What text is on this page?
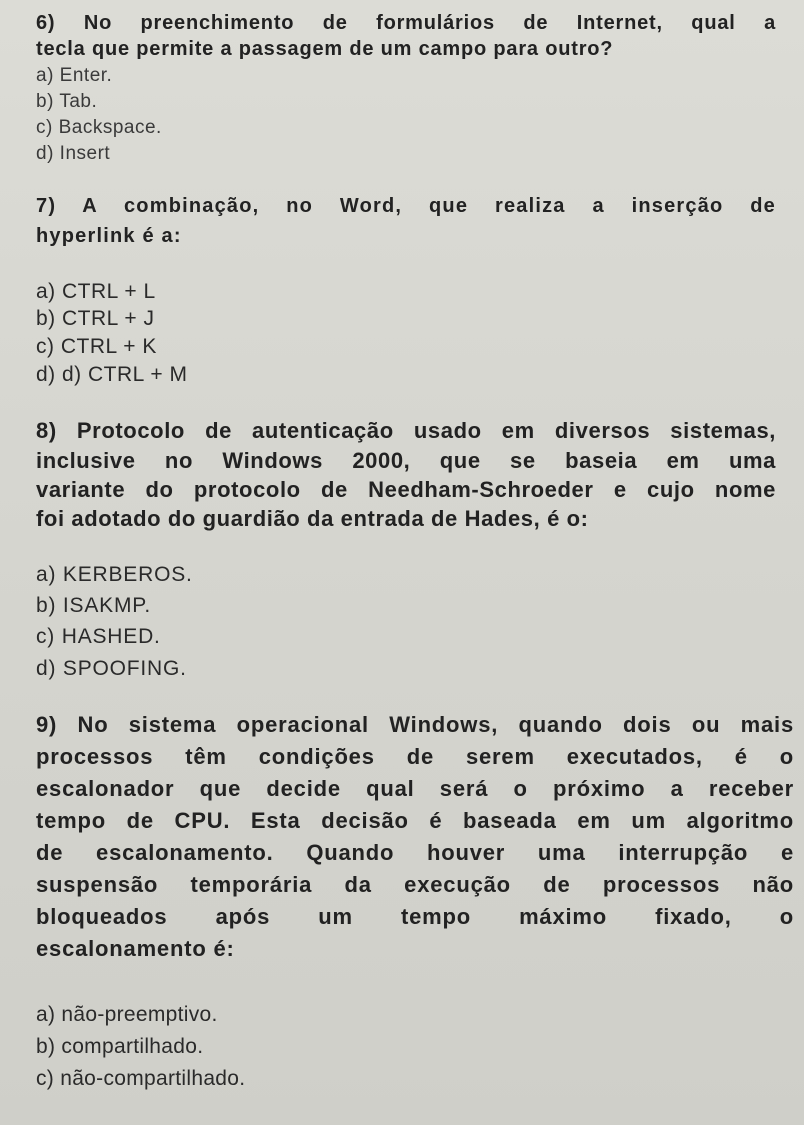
6) No preenchimento de formulários de Internet, qual a
tecla que permite a passagem de um campo para outro?
a) Enter.
b) Tab.
c) Backspace.
d) Insert
7) A combinação, no Word, que realiza a inserção de
hyperlink é a:
a) CTRL + L
b) CTRL + J
c) CTRL + K
d) d) CTRL + M
8) Protocolo de autenticação usado em diversos sistemas,
inclusive no Windows 2000, que se baseia em uma
variante do protocolo de Needham-Schroeder e cujo nome
foi adotado do guardião da entrada de Hades, é o:
a) KERBEROS.
b) ISAKMP.
c) HASHED.
d) SPOOFING.
9) No sistema operacional Windows, quando dois ou mais
processos têm condições de serem executados, é o
escalonador que decide qual será o próximo a receber
tempo de CPU. Esta decisão é baseada em um algoritmo
de escalonamento. Quando houver uma interrupção e
suspensão temporária da execução de processos não
bloqueados após um tempo máximo fixado, o
escalonamento é:
a) não-preemptivo.
b) compartilhado.
c) não-compartilhado.
